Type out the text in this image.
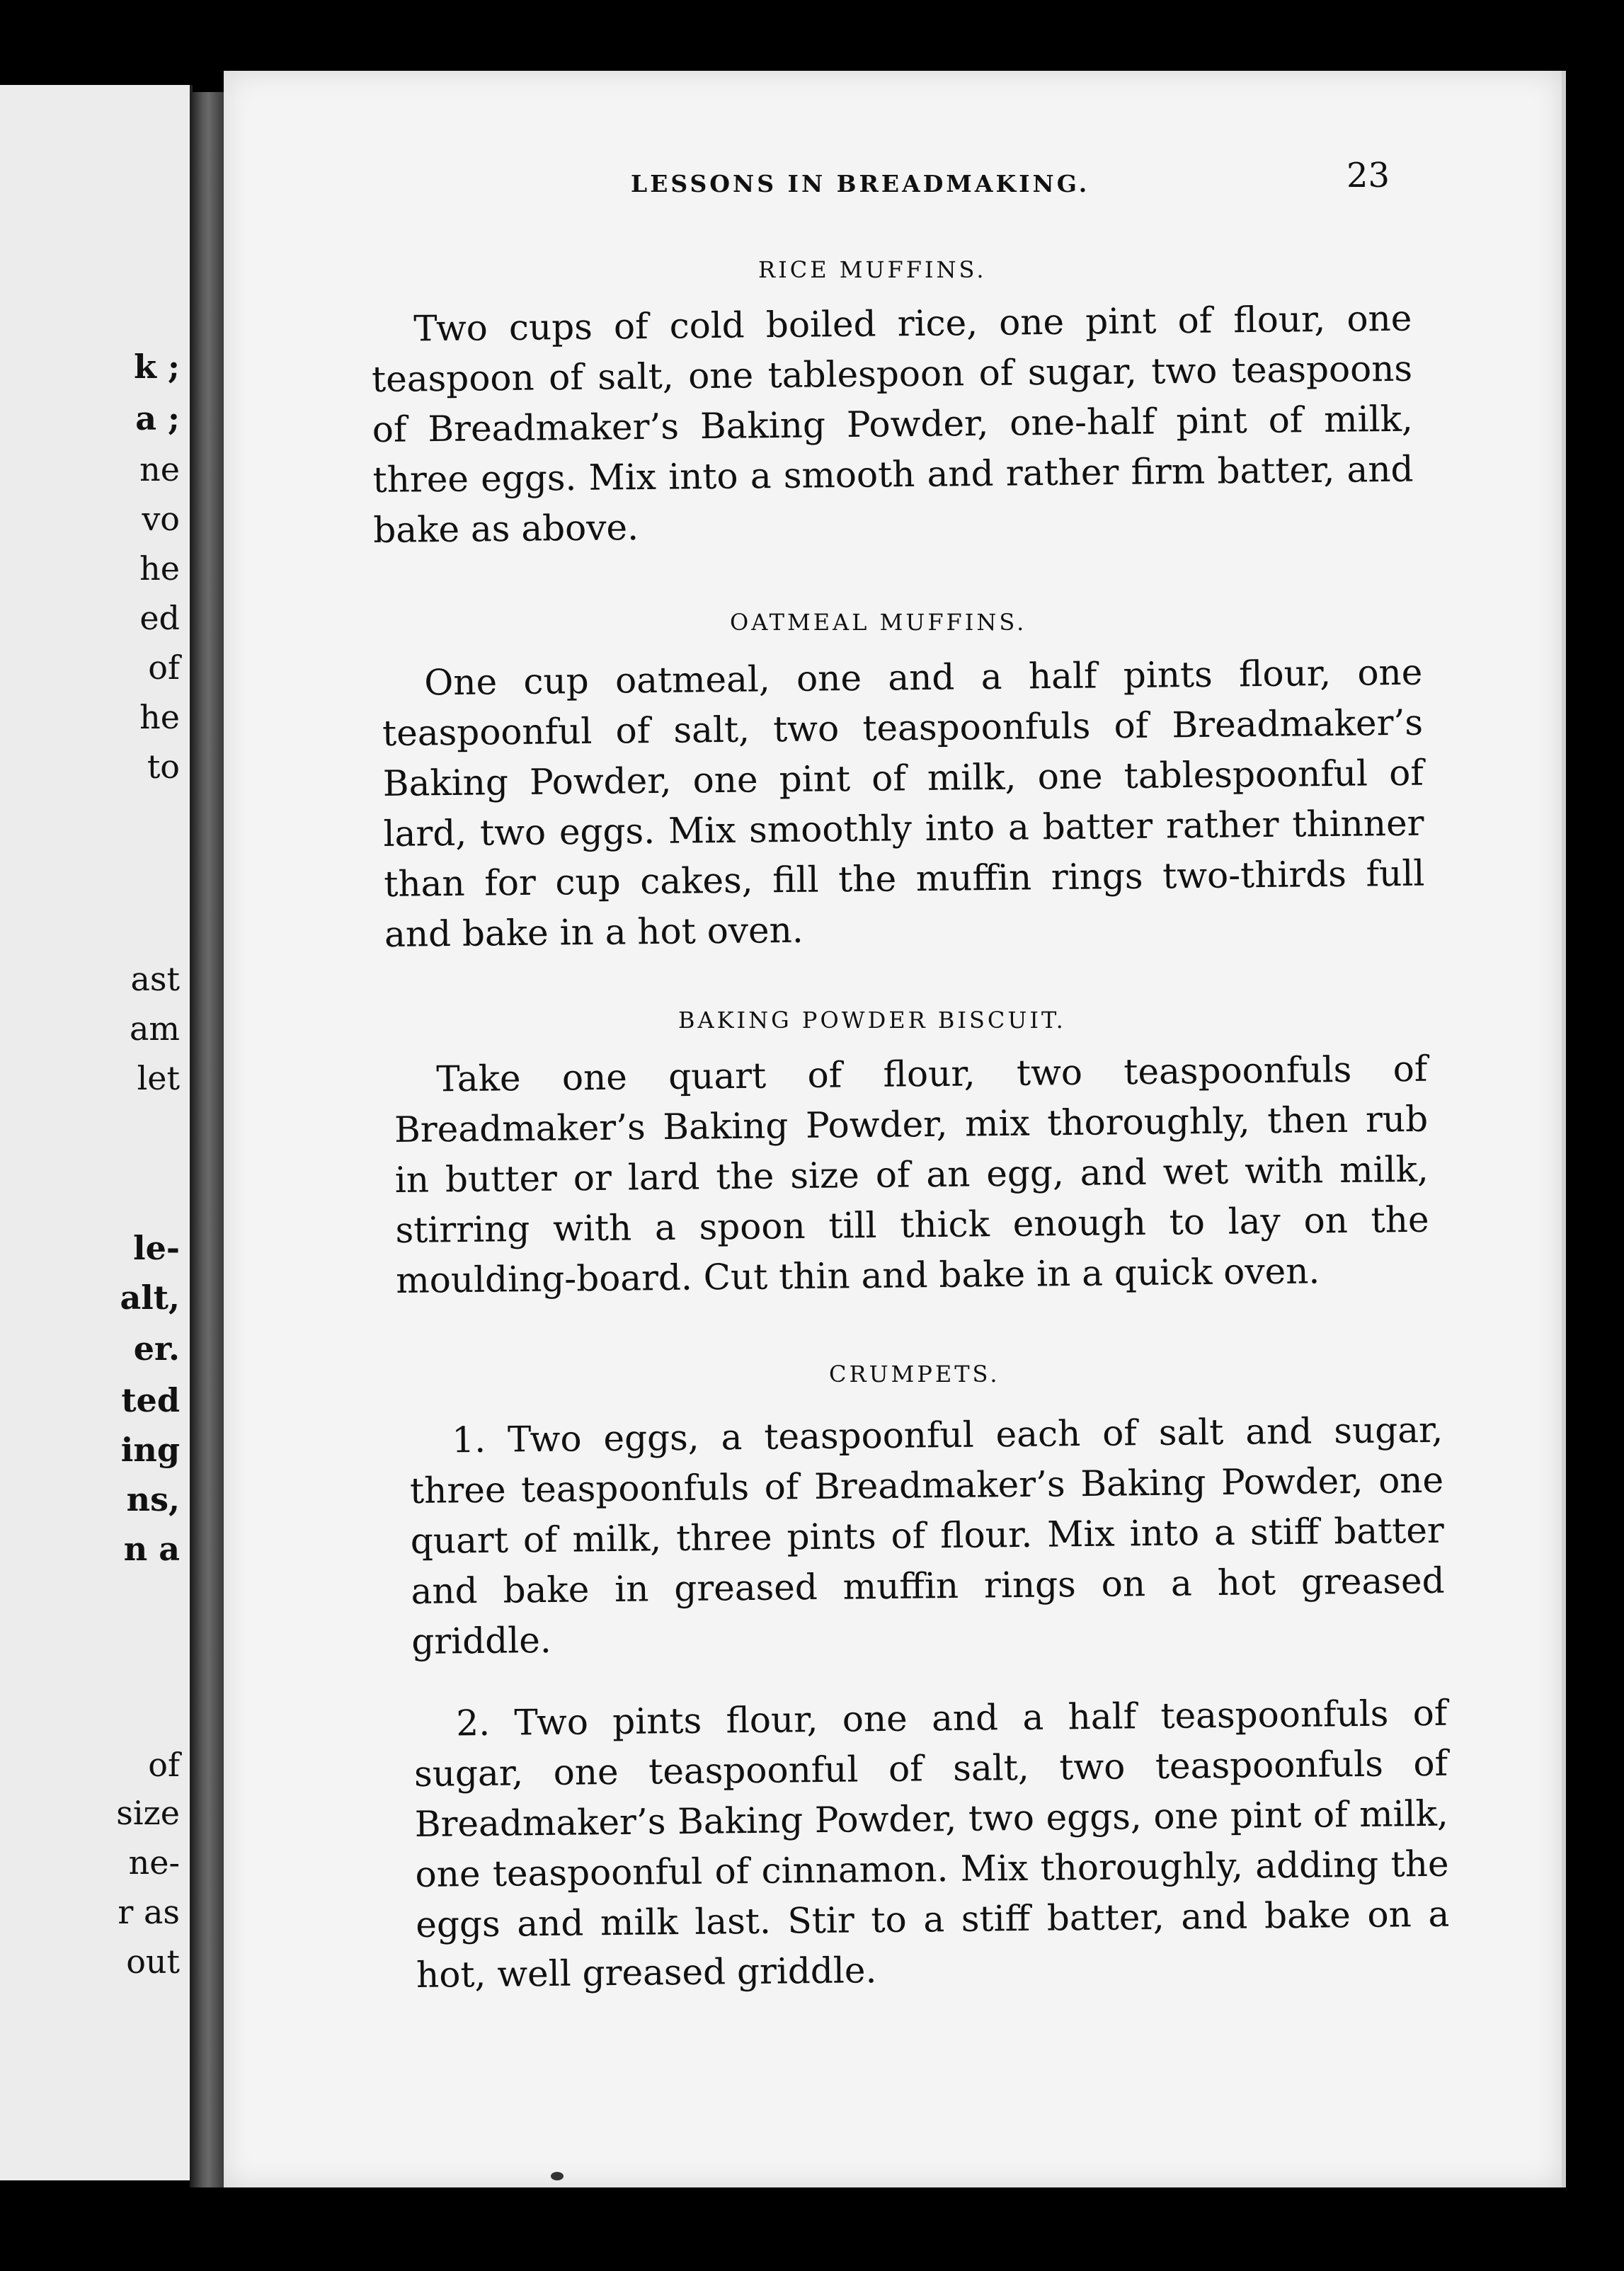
k ;
a ;
ne
vo
he
ed
of
he
to
ast
am
let
le-
alt,
er.
ted
ing
ns,
n a
of
size
ne-
r as
out
LESSONS IN BREADMAKING.	23
RICE MUFFINS.

Two cups of cold boiled rice, one pint of flour, one teaspoon of salt, one tablespoon of sugar, two teaspoons of Breadmaker’s Baking Powder, one-half pint of milk, three eggs. Mix into a smooth and rather firm batter, and bake as above.

OATMEAL MUFFINS.

One cup oatmeal, one and a half pints flour, one teaspoonful of salt, two teaspoonfuls of Breadmaker’s Baking Powder, one pint of milk, one tablespoonful of lard, two eggs. Mix smoothly into a batter rather thinner than for cup cakes, fill the muffin rings two-thirds full and bake in a hot oven.

BAKING POWDER BISCUIT.

Take one quart of flour, two teaspoonfuls of Breadmaker’s Baking Powder, mix thoroughly, then rub in butter or lard the size of an egg, and wet with milk, stirring with a spoon till thick enough to lay on the moulding-board. Cut thin and bake in a quick oven.

CRUMPETS.

1. Two eggs, a teaspoonful each of salt and sugar, three teaspoonfuls of Breadmaker’s Baking Powder, one quart of milk, three pints of flour. Mix into a stiff batter and bake in greased muffin rings on a hot greased griddle.

2. Two pints flour, one and a half teaspoonfuls of sugar, one teaspoonful of salt, two teaspoonfuls of Breadmaker’s Baking Powder, two eggs, one pint of milk, one teaspoonful of cinnamon. Mix thoroughly, adding the eggs and milk last. Stir to a stiff batter, and bake on a hot, well greased griddle.
